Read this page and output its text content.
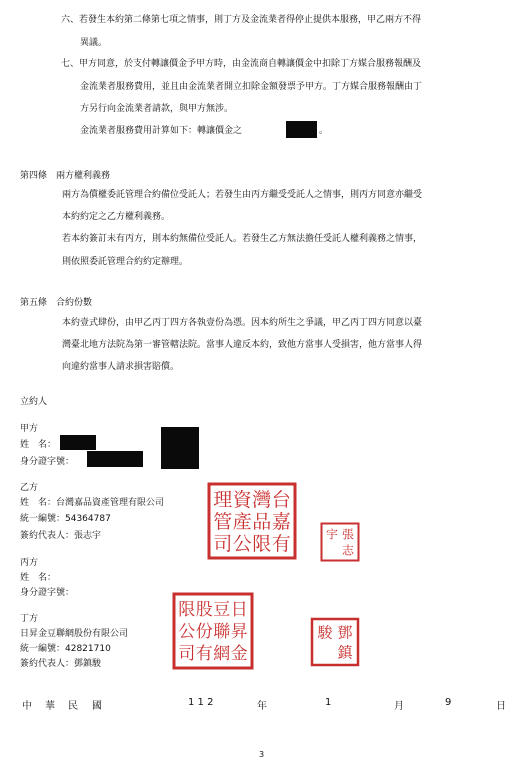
六、若發生本約第二條第七項之情事，則丁方及金流業者得停止提供本服務，甲乙兩方不得
異議。
七、甲方同意，於支付轉讓價金予甲方時，由金流商自轉讓價金中扣除丁方媒合服務報酬及
金流業者服務費用，並且由金流業者開立扣除金額發票予甲方。丁方媒合服務報酬由丁
方另行向金流業者請款，與甲方無涉。
金流業者服務費用計算如下：轉讓價金之	。
第四條　兩方權利義務
兩方為償權委託管理合約備位受託人；若發生由丙方繼受受託人之情事，則丙方同意亦繼受
本約約定之乙方權利義務。
若本約簽訂未有丙方，則本約無備位受託人。若發生乙方無法擔任受託人權利義務之情事，
則依照委託管理合約約定辦理。
第五條　合約份數
本約壹式肆份，由甲乙丙丁四方各執壹份為憑。因本約所生之爭議，甲乙丙丁四方同意以臺
灣臺北地方法院為第一審管轄法院。當事人違反本約，致他方當事人受損害，他方當事人得
向違約當事人請求損害賠償。
立約人
甲方
姓　名：
身分證字號：
乙方
姓　名：台灣嘉品資產管理有限公司
統一編號：54364787
簽約代表人：張志宇
台
嘉
有
灣
品
限
資
產
公
理
管
司	張
志
宇
丙方
姓　名：
身分證字號：
丁方
日昇金豆聯網股份有限公司
統一編號：42821710
簽約代表人：鄧鎮駿
日
昇
金
豆
聯
網
股
份
有
限
公
司
鄧
鎮
駿
中 華 民 國	1 1 2	年	1	月	9	日
3
